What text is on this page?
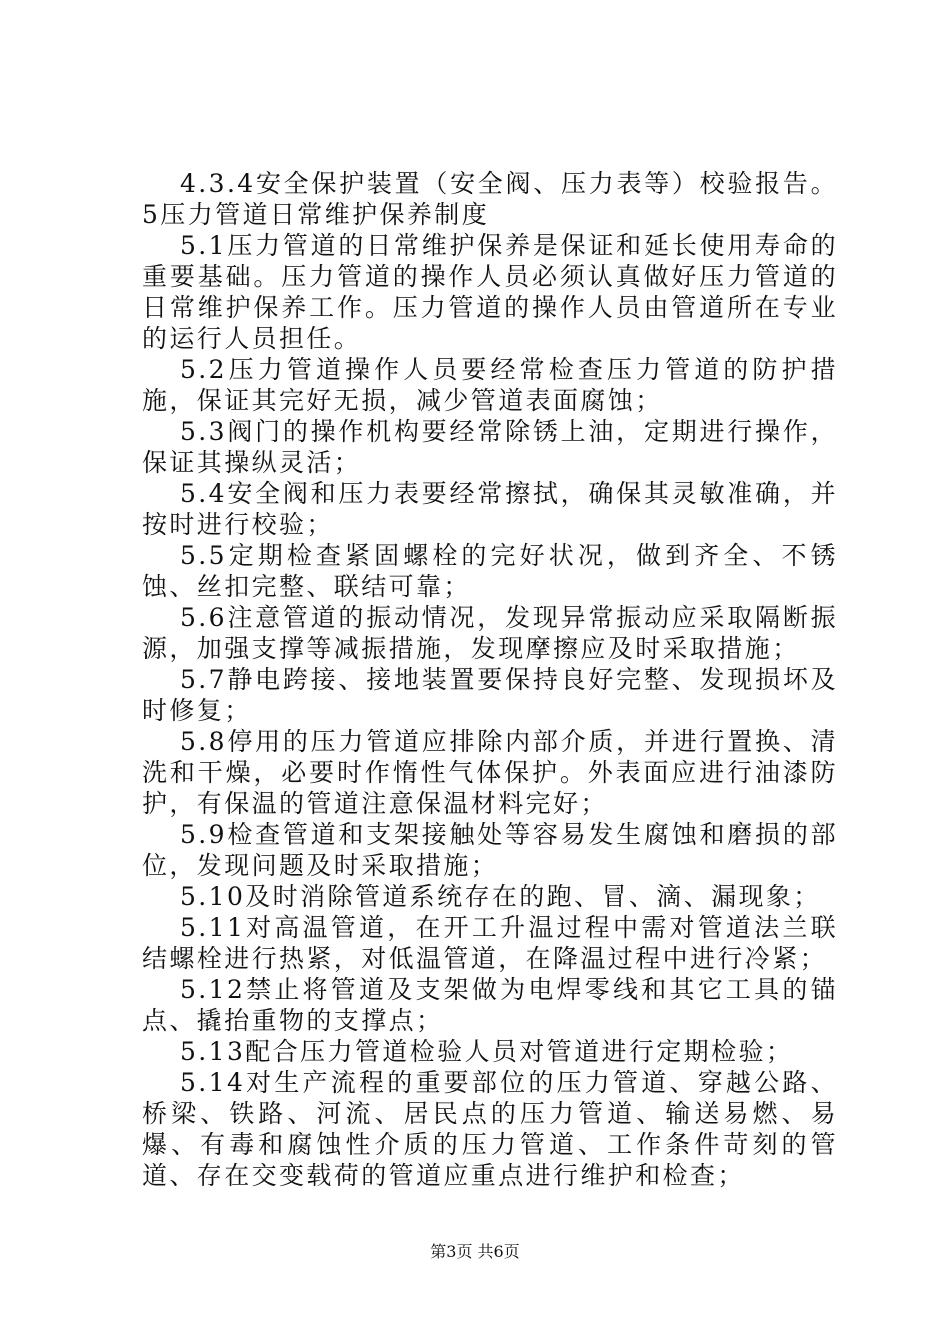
4.3.4安全保护装置（安全阀、压力表等）校验报告。5压力管道日常维护保养制度

5.1压力管道的日常维护保养是保证和延长使用寿命的重要基础。压力管道的操作人员必须认真做好压力管道的日常维护保养工作。压力管道的操作人员由管道所在专业的运行人员担任。

5.2压力管道操作人员要经常检查压力管道的防护措施，保证其完好无损，减少管道表面腐蚀；

5.3阀门的操作机构要经常除锈上油，定期进行操作，保证其操纵灵活；

5.4安全阀和压力表要经常擦拭，确保其灵敏准确，并按时进行校验；

5.5定期检查紧固螺栓的完好状况，做到齐全、不锈蚀、丝扣完整、联结可靠；

5.6注意管道的振动情况，发现异常振动应采取隔断振源，加强支撑等减振措施，发现摩擦应及时采取措施；

5.7静电跨接、接地装置要保持良好完整、发现损坏及时修复；

5.8停用的压力管道应排除内部介质，并进行置换、清洗和干燥，必要时作惰性气体保护。外表面应进行油漆防护，有保温的管道注意保温材料完好；

5.9检查管道和支架接触处等容易发生腐蚀和磨损的部位，发现问题及时采取措施；

5.10及时消除管道系统存在的跑、冒、滴、漏现象；

5.11对高温管道，在开工升温过程中需对管道法兰联结螺栓进行热紧，对低温管道，在降温过程中进行冷紧；

5.12禁止将管道及支架做为电焊零线和其它工具的锚点、撬抬重物的支撑点；

5.13配合压力管道检验人员对管道进行定期检验；

5.14对生产流程的重要部位的压力管道、穿越公路、桥梁、铁路、河流、居民点的压力管道、输送易燃、易爆、有毒和腐蚀性介质的压力管道、工作条件苛刻的管道、存在交变载荷的管道应重点进行维护和检查；

第3页 共6页
